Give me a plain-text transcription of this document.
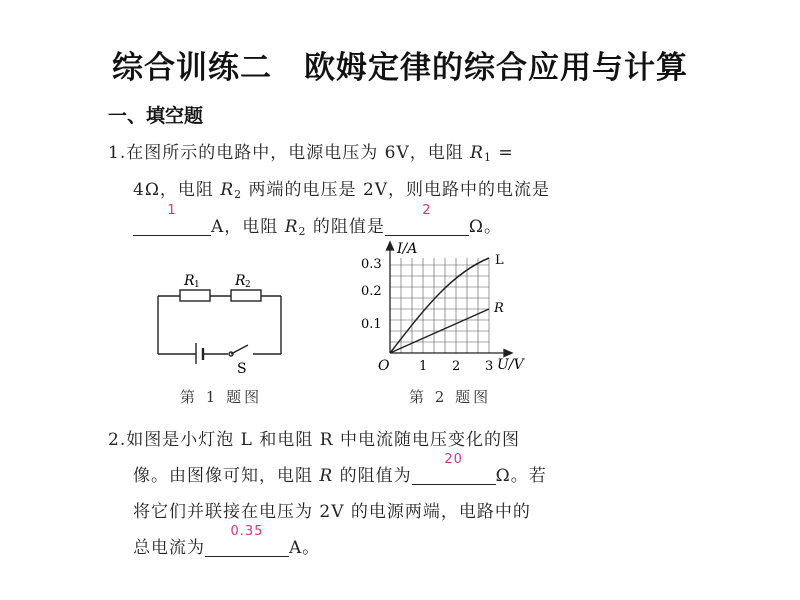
综合训练二　欧姆定律的综合应用与计算
一、填空题
1.在图所示的电路中，电源电压为 6V，电阻 $R_1$ =
4Ω，电阻 $R_2$ 两端的电压是 2V，则电路中的电流是
1
A，电阻 $R_2$ 的阻值是
2
Ω。
R 1	R 2
S
I/A
U/V
O
0.1
0.2
0.3
1 2 3
L
R
第 1 题图	第 2 题图
2.如图是小灯泡 L 和电阻 R 中电流随电压变化的图
像。由图像可知，电阻 R 的阻值为
20
Ω。若
将它们并联接在电压为 2V 的电源两端，电路中的
总电流为
0.35
A。
